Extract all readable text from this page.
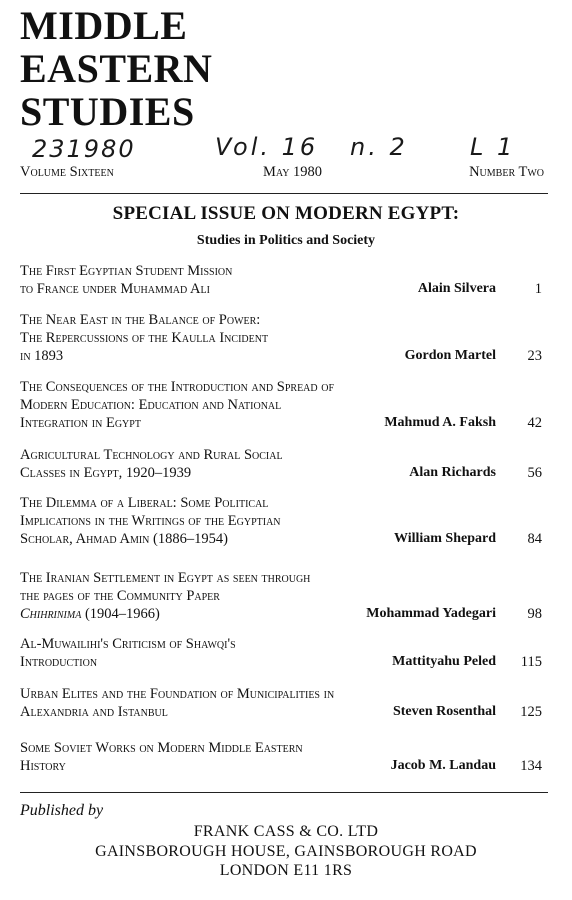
MIDDLE
EASTERN
STUDIES
231980	Vol. 16 n. 2	L 1
Volume Sixteen	May 1980	Number Two
SPECIAL ISSUE ON MODERN EGYPT:
Studies in Politics and Society
The First Egyptian Student Mission
to France under Muhammad Ali	Alain Silvera	1
The Near East in the Balance of Power:
The Repercussions of the Kaulla Incident
in 1893	Gordon Martel 23
The Consequences of the Introduction and Spread of
Modern Education: Education and National
Integration in Egypt	Mahmud A. Faksh 42
Agricultural Technology and Rural Social
Classes in Egypt, 1920–1939	Alan Richards 56
The Dilemma of a Liberal: Some Political
Implications in the Writings of the Egyptian
Scholar, Ahmad Amin (1886–1954)	William Shepard 84
The Iranian Settlement in Egypt as seen through
the pages of the Community Paper
Chihrinima (1904–1966)	Mohammad Yadegari 98
Al-Muwailihi's Criticism of Shawqi's
Introduction	Mattityahu Peled 115
Urban Elites and the Foundation of Municipalities in
Alexandria and Istanbul	Steven Rosenthal 125
Some Soviet Works on Modern Middle Eastern
History	Jacob M. Landau 134
Published by
FRANK CASS & CO. LTD
GAINSBOROUGH HOUSE, GAINSBOROUGH ROAD
LONDON E11 1RS
